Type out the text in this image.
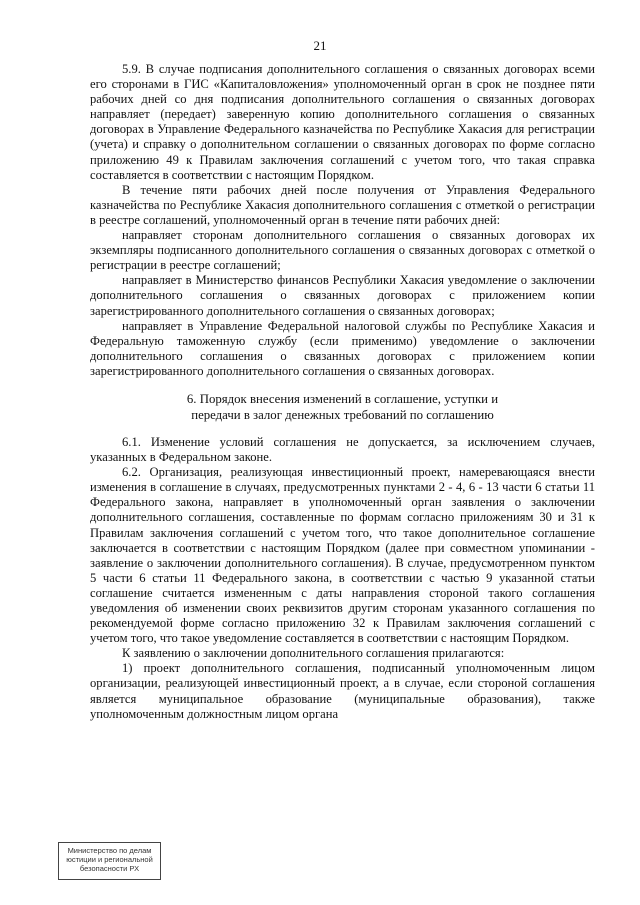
21

5.9. В случае подписания дополнительного соглашения о связанных договорах всеми его сторонами в ГИС «Капиталовложения» уполномоченный орган в срок не позднее пяти рабочих дней со дня подписания дополнительного соглашения о связанных договорах направляет (передает) заверенную копию дополнительного соглашения о связанных договорах в Управление Федерального казначейства по Республике Хакасия для регистрации (учета) и справку о дополнительном соглашении о связанных договорах по форме согласно приложению 49 к Правилам заключения соглашений с учетом того, что такая справка составляется в соответствии с настоящим Порядком.

В течение пяти рабочих дней после получения от Управления Федерального казначейства по Республике Хакасия дополнительного соглашения с отметкой о регистрации в реестре соглашений, уполномоченный орган в течение пяти рабочих дней:

направляет сторонам дополнительного соглашения о связанных договорах их экземпляры подписанного дополнительного соглашения о связанных договорах с отметкой о регистрации в реестре соглашений;

направляет в Министерство финансов Республики Хакасия уведомление о заключении дополнительного соглашения о связанных договорах с приложением копии зарегистрированного дополнительного соглашения о связанных договорах;

направляет в Управление Федеральной налоговой службы по Республике Хакасия и Федеральную таможенную службу (если применимо) уведомление о заключении дополнительного соглашения о связанных договорах с приложением копии зарегистрированного дополнительного соглашения о связанных договорах.

6. Порядок внесения изменений в соглашение, уступки и
передачи в залог денежных требований по соглашению

6.1. Изменение условий соглашения не допускается, за исключением случаев, указанных в Федеральном законе.

6.2. Организация, реализующая инвестиционный проект, намеревающаяся внести изменения в соглашение в случаях, предусмотренных пунктами 2 - 4, 6 - 13 части 6 статьи 11 Федерального закона, направляет в уполномоченный орган заявления о заключении дополнительного соглашения, составленные по формам согласно приложениям 30 и 31 к Правилам заключения соглашений с учетом того, что такое дополнительное соглашение заключается в соответствии с настоящим Порядком (далее при совместном упоминании - заявление о заключении дополнительного соглашения). В случае, предусмотренном пунктом 5 части 6 статьи 11 Федерального закона, в соответствии с частью 9 указанной статьи соглашение считается измененным с даты направления стороной такого соглашения уведомления об изменении своих реквизитов другим сторонам указанного соглашения по рекомендуемой форме согласно приложению 32 к Правилам заключения соглашений с учетом того, что такое уведомление составляется в соответствии с настоящим Порядком.

К заявлению о заключении дополнительного соглашения прилагаются:

1) проект дополнительного соглашения, подписанный уполномоченным лицом организации, реализующей инвестиционный проект, а в случае, если стороной соглашения является муниципальное образование (муниципальные образования), также уполномоченным должностным лицом органа

Министерство по делам
юстиции и региональной
безопасности РХ
